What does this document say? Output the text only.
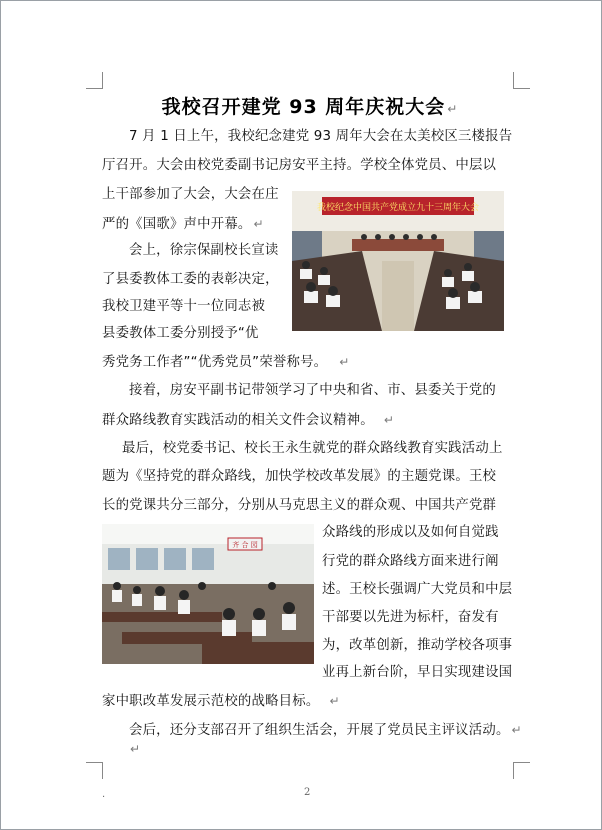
我校召开建党 93 周年庆祝大会 ↵
7 月 1 日上午，我校纪念建党 93 周年大会在太美校区三楼报告
厅召开。大会由校党委副书记房安平主持。学校全体党员、中层以
上干部参加了大会，大会在庄
严的《国歌》声中开幕。 ↵
会上，徐宗保副校长宣读
了县委教体工委的表彰决定，
我校卫建平等十一位同志被
县委教体工委分别授予“优
秀党务工作者”“优秀党员”荣誉称号。 ↵
接着，房安平副书记带领学习了中央和省、市、县委关于党的
群众路线教育实践活动的相关文件会议精神。 ↵
最后，校党委书记、校长王永生就党的群众路线教育实践活动上
题为《坚持党的群众路线，加快学校改革发展》的主题党课。王校
长的党课共分三部分，分别从马克思主义的群众观、中国共产党群
众路线的形成以及如何自觉践
行党的群众路线方面来进行阐
述。王校长强调广大党员和中层
干部要以先进为标杆，奋发有
为，改革创新，推动学校各项事
业再上新台阶，早日实现建设国
家中职改革发展示范校的战略目标。 ↵
会后，还分支部召开了组织生活会，开展了党员民主评议活动。 ↵
↵
我校纪念中国共产党成立九十三周年大会
齐 合 园
.	2
